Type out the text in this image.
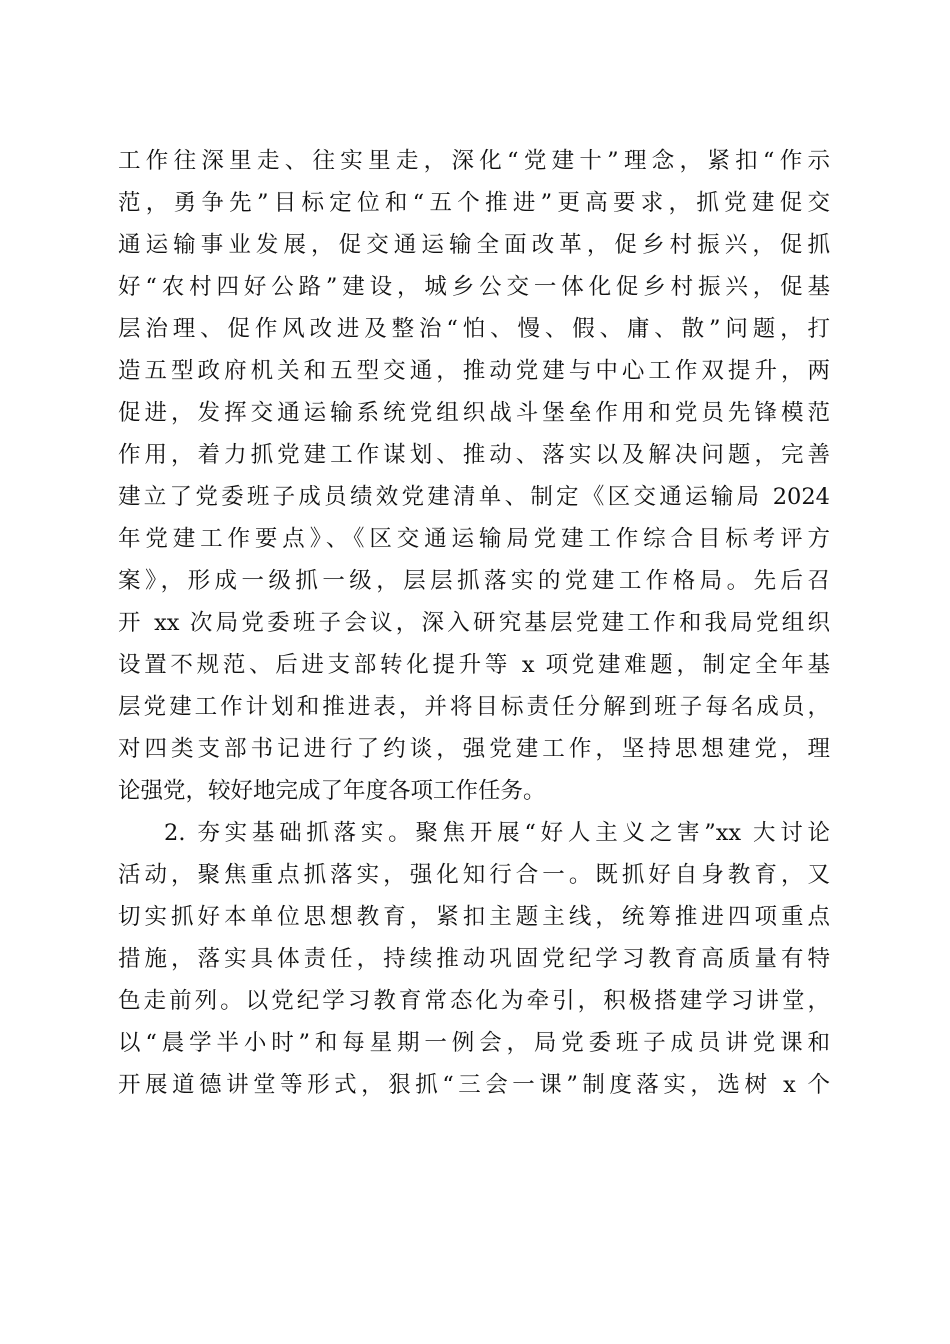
工作往深里走、往实里走，深化“党建十”理念，紧扣“作示
范，勇争先”目标定位和“五个推进”更高要求，抓党建促交
通运输事业发展，促交通运输全面改革，促乡村振兴，促抓
好“农村四好公路”建设，城乡公交一体化促乡村振兴，促基
层治理、促作风改进及整治“怕、慢、假、庸、散”问题，打
造五型政府机关和五型交通，推动党建与中心工作双提升，两
促进，发挥交通运输系统党组织战斗堡垒作用和党员先锋模范
作用，着力抓党建工作谋划、推动、落实以及解决问题，完善
建立了党委班子成员绩效党建清单、制定《区交通运输局 2024
年党建工作要点》、《区交通运输局党建工作综合目标考评方
案》，形成一级抓一级，层层抓落实的党建工作格局。先后召
开 xx 次局党委班子会议，深入研究基层党建工作和我局党组织
设置不规范、后进支部转化提升等 x 项党建难题，制定全年基
层党建工作计划和推进表，并将目标责任分解到班子每名成员，
对四类支部书记进行了约谈，强党建工作，坚持思想建党，理
论强党，较好地完成了年度各项工作任务。
2. 夯实基础抓落实。聚焦开展“好人主义之害”xx 大讨论
活动，聚焦重点抓落实，强化知行合一。既抓好自身教育，又
切实抓好本单位思想教育，紧扣主题主线，统筹推进四项重点
措施，落实具体责任，持续推动巩固党纪学习教育高质量有特
色走前列。以党纪学习教育常态化为牵引，积极搭建学习讲堂，
以“晨学半小时”和每星期一例会，局党委班子成员讲党课和
开展道德讲堂等形式，狠抓“三会一课”制度落实，选树 x 个
